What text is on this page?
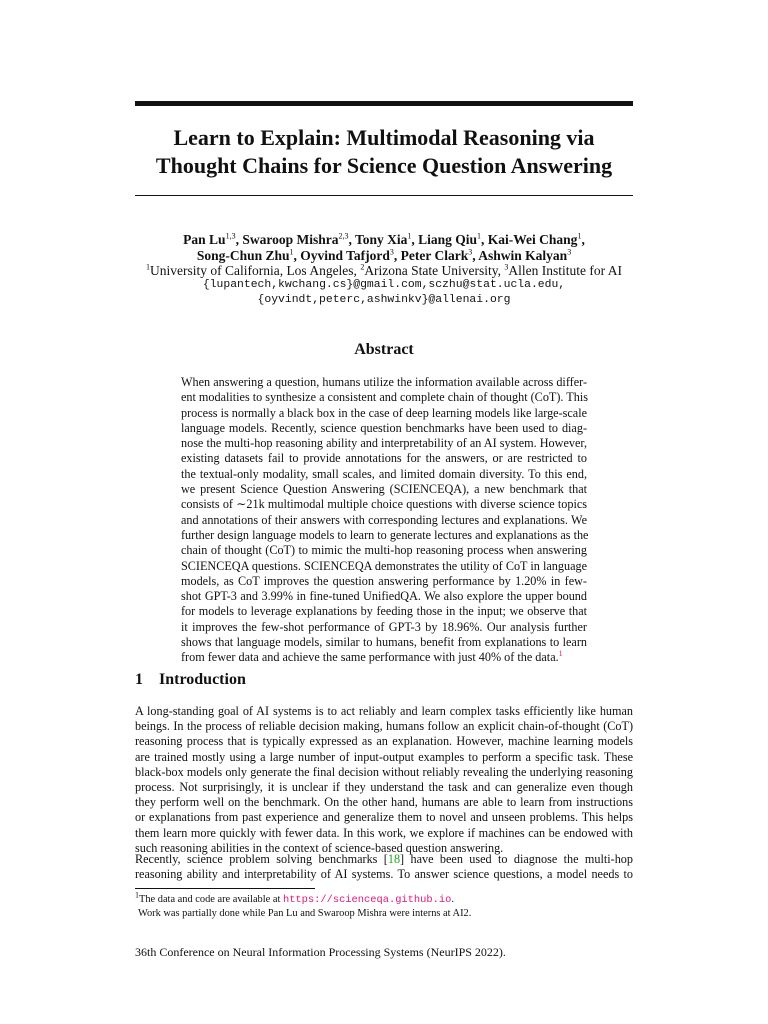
Learn to Explain: Multimodal Reasoning via
Thought Chains for Science Question Answering
Pan Lu$^{1,3}$, Swaroop Mishra$^{2,3}$, Tony Xia$^1$, Liang Qiu$^1$, Kai-Wei Chang$^1$,
Song-Chun Zhu$^1$, Oyvind Tafjord$^3$, Peter Clark$^3$, Ashwin Kalyan$^3$
$^1$University of California, Los Angeles, $^2$Arizona State University, $^3$Allen Institute for AI
{lupantech,kwchang.cs}@gmail.com,sczhu@stat.ucla.edu,
{oyvindt,peterc,ashwinkv}@allenai.org
Abstract
When answering a question, humans utilize the information available across differ-
ent modalities to synthesize a consistent and complete chain of thought (CoT). This
process is normally a black box in the case of deep learning models like large-scale
language models. Recently, science question benchmarks have been used to diag-
nose the multi-hop reasoning ability and interpretability of an AI system. However,
existing datasets fail to provide annotations for the answers, or are restricted to
the textual-only modality, small scales, and limited domain diversity. To this end,
we present Science Question Answering (SCIENCEQA), a new benchmark that
consists of ∼21k multimodal multiple choice questions with diverse science topics
and annotations of their answers with corresponding lectures and explanations. We
further design language models to learn to generate lectures and explanations as the
chain of thought (CoT) to mimic the multi-hop reasoning process when answering
SCIENCEQA questions. SCIENCEQA demonstrates the utility of CoT in language
models, as CoT improves the question answering performance by 1.20% in few-
shot GPT-3 and 3.99% in fine-tuned UnifiedQA. We also explore the upper bound
for models to leverage explanations by feeding those in the input; we observe that
it improves the few-shot performance of GPT-3 by 18.96%. Our analysis further
shows that language models, similar to humans, benefit from explanations to learn
from fewer data and achieve the same performance with just 40% of the data.$^1$
1 Introduction
A long-standing goal of AI systems is to act reliably and learn complex tasks efficiently like human
beings. In the process of reliable decision making, humans follow an explicit chain-of-thought (CoT)
reasoning process that is typically expressed as an explanation. However, machine learning models
are trained mostly using a large number of input-output examples to perform a specific task. These
black-box models only generate the final decision without reliably revealing the underlying reasoning
process. Not surprisingly, it is unclear if they understand the task and can generalize even though
they perform well on the benchmark. On the other hand, humans are able to learn from instructions
or explanations from past experience and generalize them to novel and unseen problems. This helps
them learn more quickly with fewer data. In this work, we explore if machines can be endowed with
such reasoning abilities in the context of science-based question answering.
Recently, science problem solving benchmarks [18] have been used to diagnose the multi-hop
reasoning ability and interpretability of AI systems. To answer science questions, a model needs to
$^1$The data and code are available at https://scienceqa.github.io.
Work was partially done while Pan Lu and Swaroop Mishra were interns at AI2.
36th Conference on Neural Information Processing Systems (NeurIPS 2022).
